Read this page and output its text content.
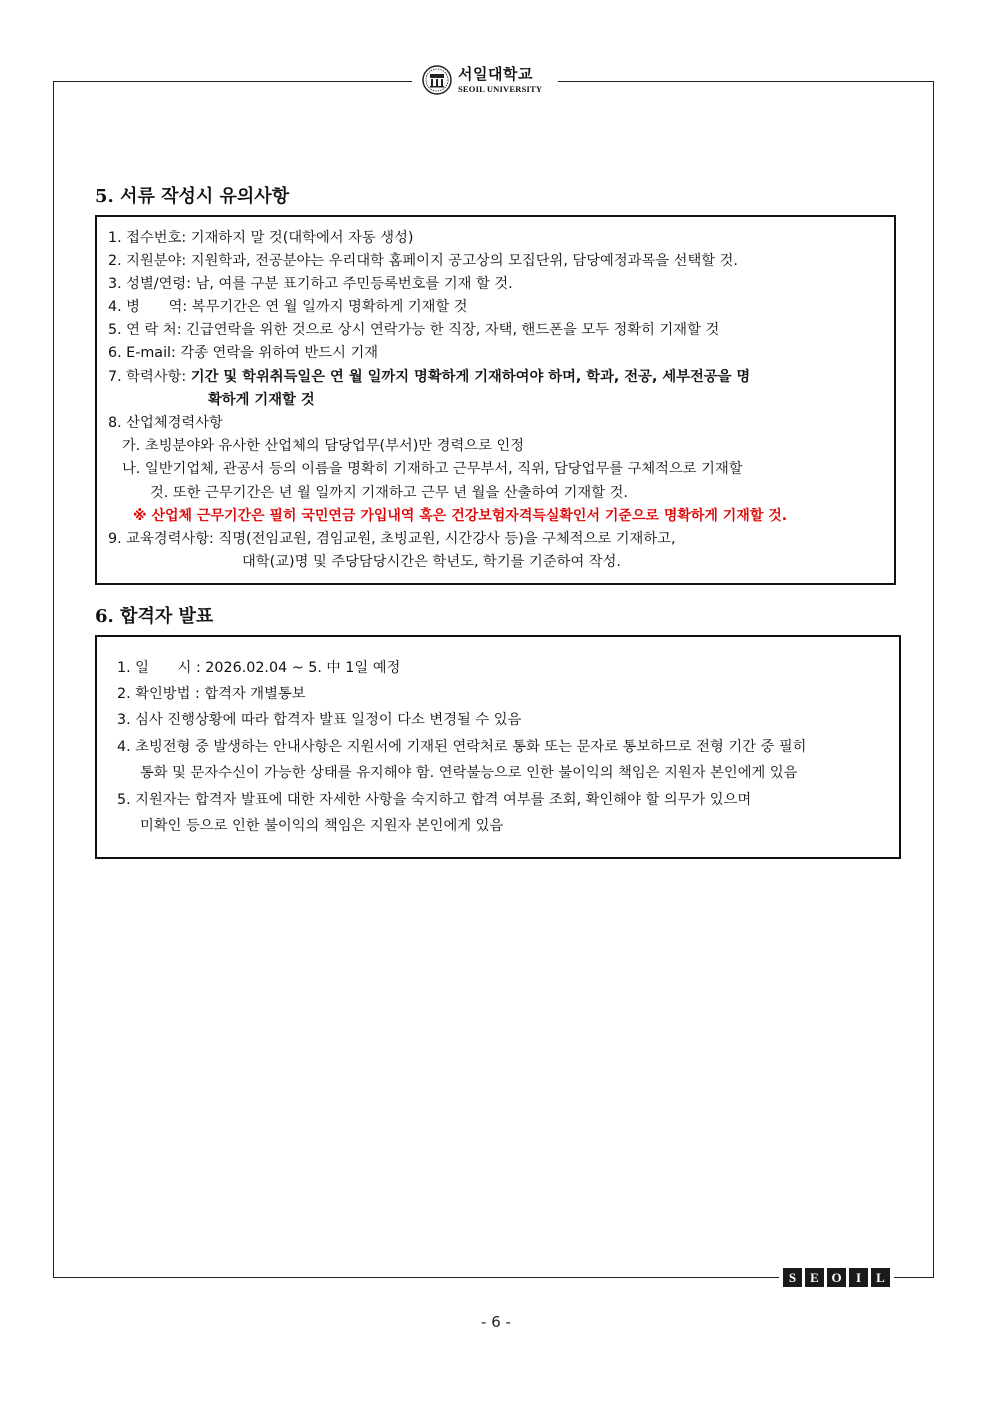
서일대학교
SEOIL UNIVERSITY
5. 서류 작성시 유의사항
1. 접수번호: 기재하지 말 것(대학에서 자동 생성)
2. 지원분야: 지원학과, 전공분야는 우리대학 홈페이지 공고상의 모집단위, 담당예정과목을 선택할 것.
3. 성별/연령: 남, 여를 구분 표기하고 주민등록번호를 기재 할 것.
4. 병　　역: 복무기간은 연 월 일까지 명확하게 기재할 것
5. 연 락 처: 긴급연락을 위한 것으로 상시 연락가능 한 직장, 자택, 핸드폰을 모두 정확히 기재할 것
6. E-mail: 각종 연락을 위하여 반드시 기재
7. 학력사항: 기간 및 학위취득일은 연 월 일까지 명확하게 기재하여야 하며, 학과, 전공, 세부전공을 명
확하게 기재할 것
8. 산업체경력사항
가. 초빙분야와 유사한 산업체의 담당업무(부서)만 경력으로 인정
나. 일반기업체, 관공서 등의 이름을 명확히 기재하고 근무부서, 직위, 담당업무를 구체적으로 기재할
것. 또한 근무기간은 년 월 일까지 기재하고 근무 년 월을 산출하여 기재할 것.
※ 산업체 근무기간은 필히 국민연금 가입내역 혹은 건강보험자격득실확인서 기준으로 명확하게 기재할 것.
9. 교육경력사항: 직명(전임교원, 겸임교원, 초빙교원, 시간강사 등)을 구체적으로 기재하고,
대학(교)명 및 주당담당시간은 학년도, 학기를 기준하여 작성.
6. 합격자 발표
1. 일　　시 : 2026.02.04 ~ 5. 中 1일 예정
2. 확인방법 : 합격자 개별통보
3. 심사 진행상황에 따라 합격자 발표 일정이 다소 변경될 수 있음
4. 초빙전형 중 발생하는 안내사항은 지원서에 기재된 연락처로 통화 또는 문자로 통보하므로 전형 기간 중 필히
통화 및 문자수신이 가능한 상태를 유지해야 함. 연락불능으로 인한 불이익의 책임은 지원자 본인에게 있음
5. 지원자는 합격자 발표에 대한 자세한 사항을 숙지하고 합격 여부를 조회, 확인해야 할 의무가 있으며
미확인 등으로 인한 불이익의 책임은 지원자 본인에게 있음
S	E O	I	L
- 6 -
